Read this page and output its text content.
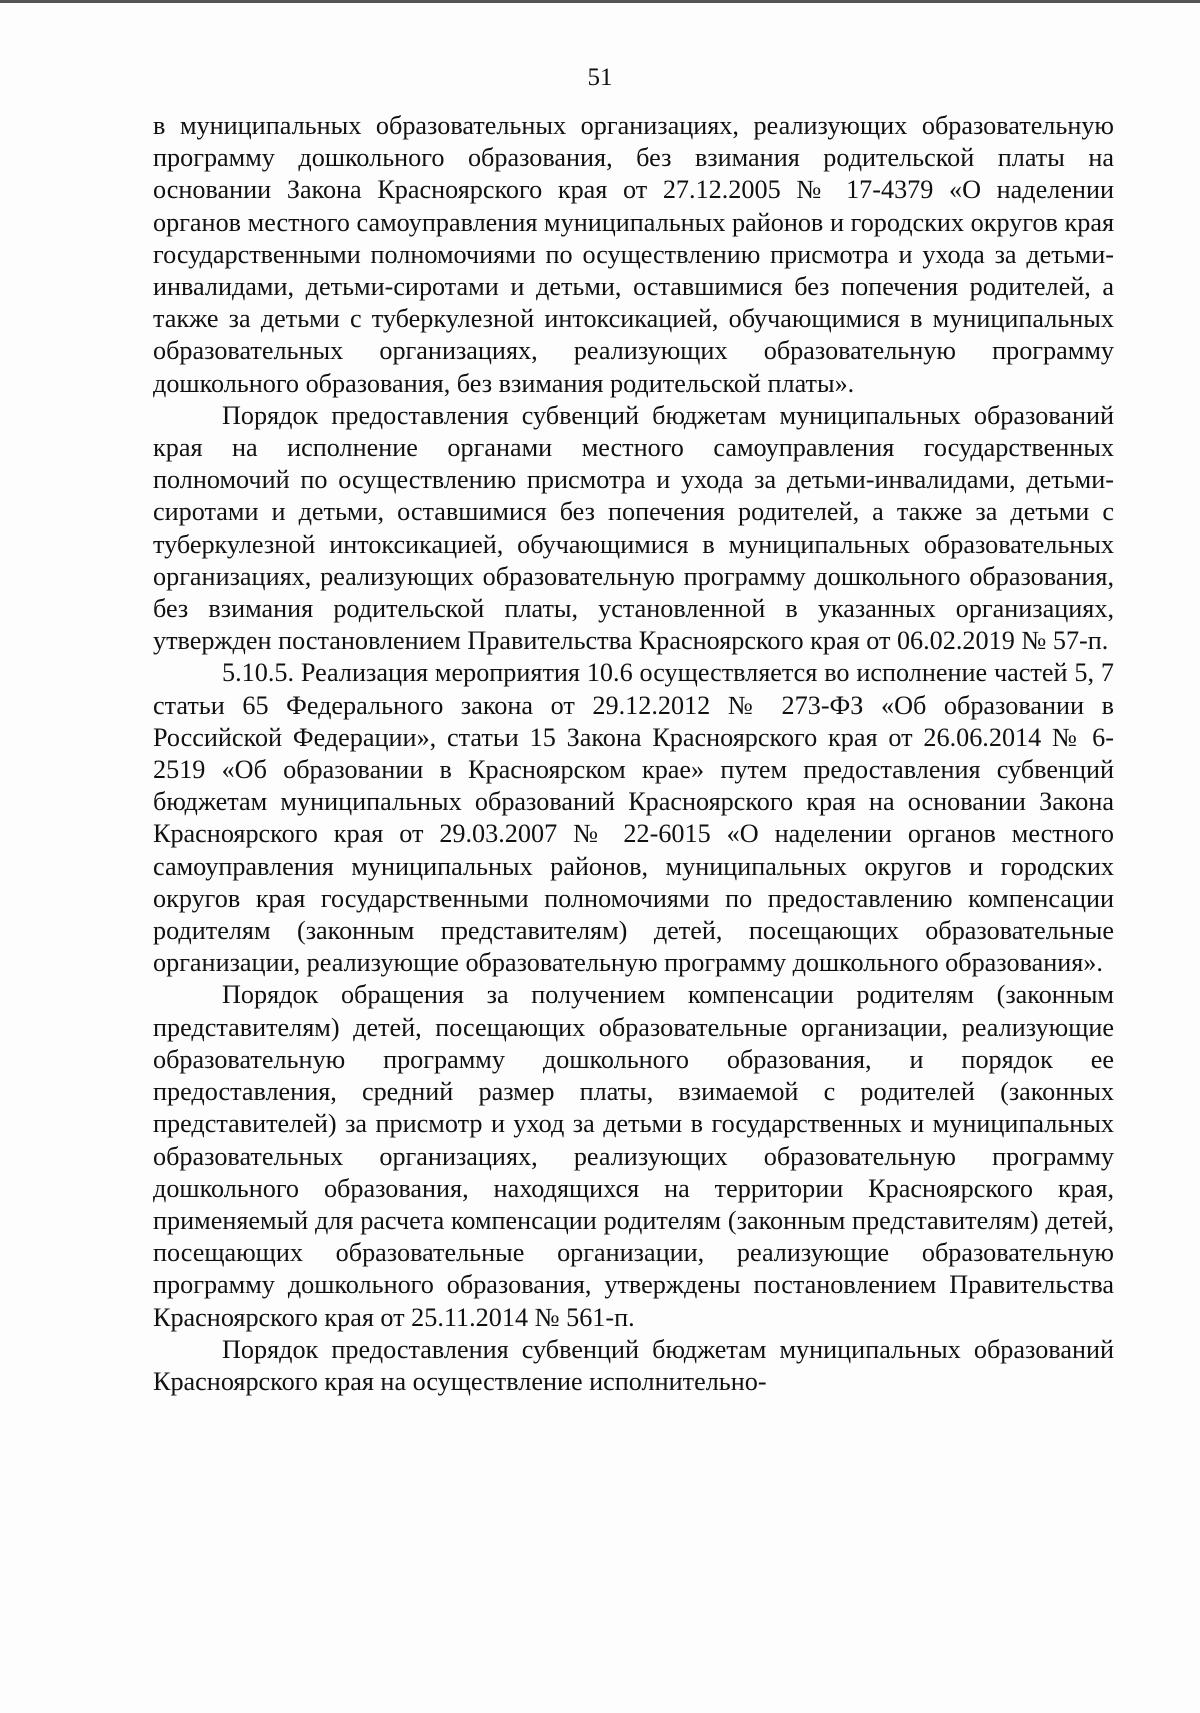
51

в муниципальных образовательных организациях, реализующих образовательную программу дошкольного образования, без взимания родительской платы на основании Закона Красноярского края от 27.12.2005 № 17-4379 «О наделении органов местного самоуправления муниципальных районов и городских округов края государственными полномочиями по осуществлению присмотра и ухода за детьми-инвалидами, детьми-сиротами и детьми, оставшимися без попечения родителей, а также за детьми с туберкулезной интоксикацией, обучающимися в муниципальных образовательных организациях, реализующих образовательную программу дошкольного образования, без взимания родительской платы».

Порядок предоставления субвенций бюджетам муниципальных образований края на исполнение органами местного самоуправления государственных полномочий по осуществлению присмотра и ухода за детьми-инвалидами, детьми-сиротами и детьми, оставшимися без попечения родителей, а также за детьми с туберкулезной интоксикацией, обучающимися в муниципальных образовательных организациях, реализующих образовательную программу дошкольного образования, без взимания родительской платы, установленной в указанных организациях, утвержден постановлением Правительства Красноярского края от 06.02.2019 № 57-п.

5.10.5. Реализация мероприятия 10.6 осуществляется во исполнение частей 5, 7 статьи 65 Федерального закона от 29.12.2012 № 273-ФЗ «Об образовании в Российской Федерации», статьи 15 Закона Красноярского края от 26.06.2014 № 6-2519 «Об образовании в Красноярском крае» путем предоставления субвенций бюджетам муниципальных образований Красноярского края на основании Закона Красноярского края от 29.03.2007 № 22-6015 «О наделении органов местного самоуправления муниципальных районов, муниципальных округов и городских округов края государственными полномочиями по предоставлению компенсации родителям (законным представителям) детей, посещающих образовательные организации, реализующие образовательную программу дошкольного образования».

Порядок обращения за получением компенсации родителям (законным представителям) детей, посещающих образовательные организации, реализующие образовательную программу дошкольного образования, и порядок ее предоставления, средний размер платы, взимаемой с родителей (законных представителей) за присмотр и уход за детьми в государственных и муниципальных образовательных организациях, реализующих образовательную программу дошкольного образования, находящихся на территории Красноярского края, применяемый для расчета компенсации родителям (законным представителям) детей, посещающих образовательные организации, реализующие образовательную программу дошкольного образования, утверждены постановлением Правительства Красноярского края от 25.11.2014 № 561-п.

Порядок предоставления субвенций бюджетам муниципальных образований Красноярского края на осуществление исполнительно-
